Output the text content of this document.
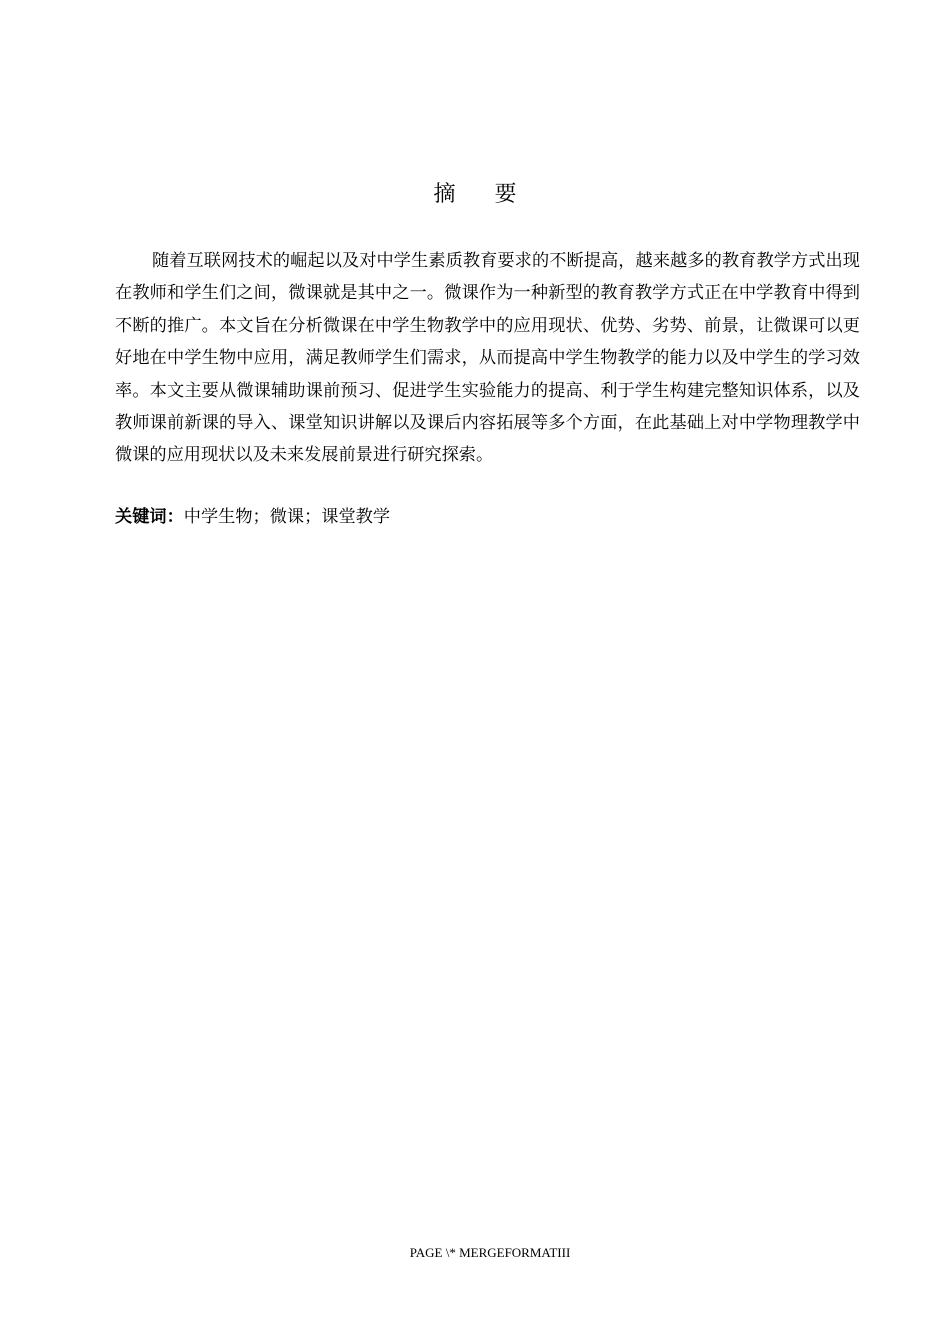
摘 要

随着互联网技术的崛起以及对中学生素质教育要求的不断提高，越来越多的教育教学方式出现在教师和学生们之间，微课就是其中之一。微课作为一种新型的教育教学方式正在中学教育中得到不断的推广。本文旨在分析微课在中学生物教学中的应用现状、优势、劣势、前景，让微课可以更好地在中学生物中应用，满足教师学生们需求，从而提高中学生物教学的能力以及中学生的学习效率。本文主要从微课辅助课前预习、促进学生实验能力的提高、利于学生构建完整知识体系，以及教师课前新课的导入、课堂知识讲解以及课后内容拓展等多个方面，在此基础上对中学物理教学中微课的应用现状以及未来发展前景进行研究探索。

关键词：中学生物；微课；课堂教学

PAGE \* MERGEFORMATIII
